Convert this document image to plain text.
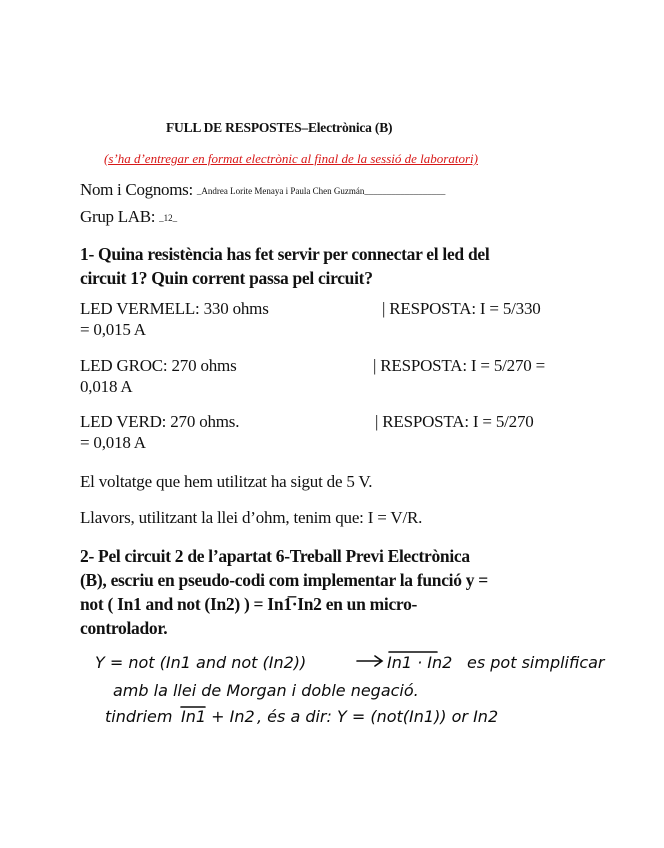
FULL DE RESPOSTES–Electrònica (B)
(s’ha d’entregar en format electrònic al final de la sessió de laboratori)
Nom i Cognoms: _Andrea Lorite Menaya i Paula Chen Guzmán__________________
Grup LAB: _12_
1- Quina resistència has fet servir per connectar el led del
circuit 1? Quin corrent passa pel circuit?
LED VERMELL: 330 ohms	| RESPOSTA: I = 5/330
= 0,015 A
LED GROC: 270 ohms	| RESPOSTA: I = 5/270 =
0,018 A
LED VERD: 270 ohms.	| RESPOSTA: I = 5/270
= 0,018 A
El voltatge que hem utilitzat ha sigut de 5 V.
Llavors, utilitzant la llei d’ohm, tenim que: I = V/R.
2- Pel circuit 2 de l’apartat 6-Treball Previ Electrònica
(B), escriu en pseudo-codi com implementar la funció y =
not ( In1 and not (In2) ) = In1̅·In2 en un micro-
controlador.
Y = not (In1 and not (In2))	In1 · In2 es pot simplificar
amb la llei de Morgan i doble negació.
tindriem In1 + In2 , és a dir: Y = (not(In1)) or In2
